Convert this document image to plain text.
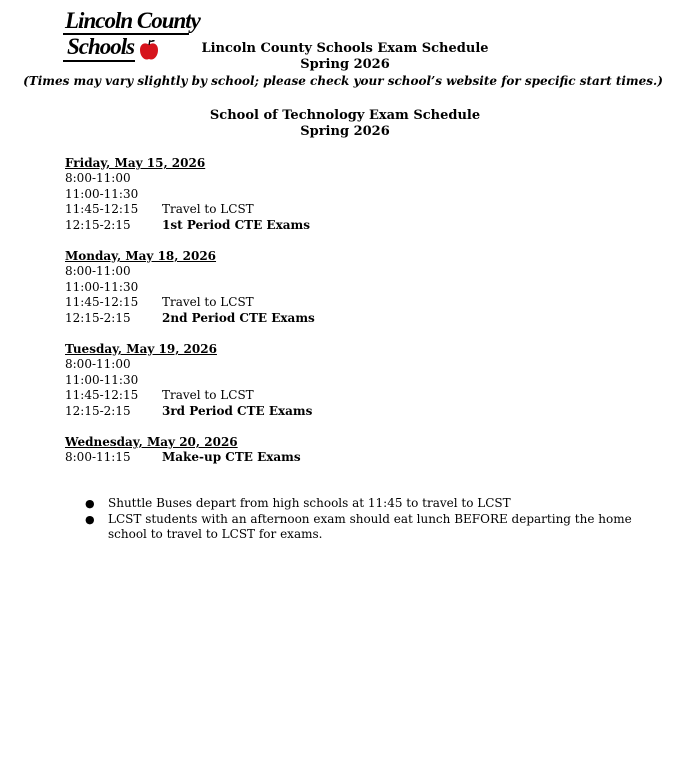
Lincoln County
Schools	Lincoln County Schools Exam Schedule
Spring 2026
(Times may vary slightly by school; please check your school’s website for specific start times.)
School of Technology Exam Schedule
Spring 2026
Friday, May 15, 2026
8:00-11:00
11:00-11:30
11:45-12:15 Travel to LCST
12:15-2:15	1st Period CTE Exams
Monday, May 18, 2026
8:00-11:00
11:00-11:30
11:45-12:15 Travel to LCST
12:15-2:15	2nd Period CTE Exams
Tuesday, May 19, 2026
8:00-11:00
11:00-11:30
11:45-12:15 Travel to LCST
12:15-2:15	3rd Period CTE Exams
Wednesday, May 20, 2026
8:00-11:15	Make-up CTE Exams
● Shuttle Buses depart from high schools at 11:45 to travel to LCST
● LCST students with an afternoon exam should eat lunch BEFORE departing the home school to travel to LCST for exams.
